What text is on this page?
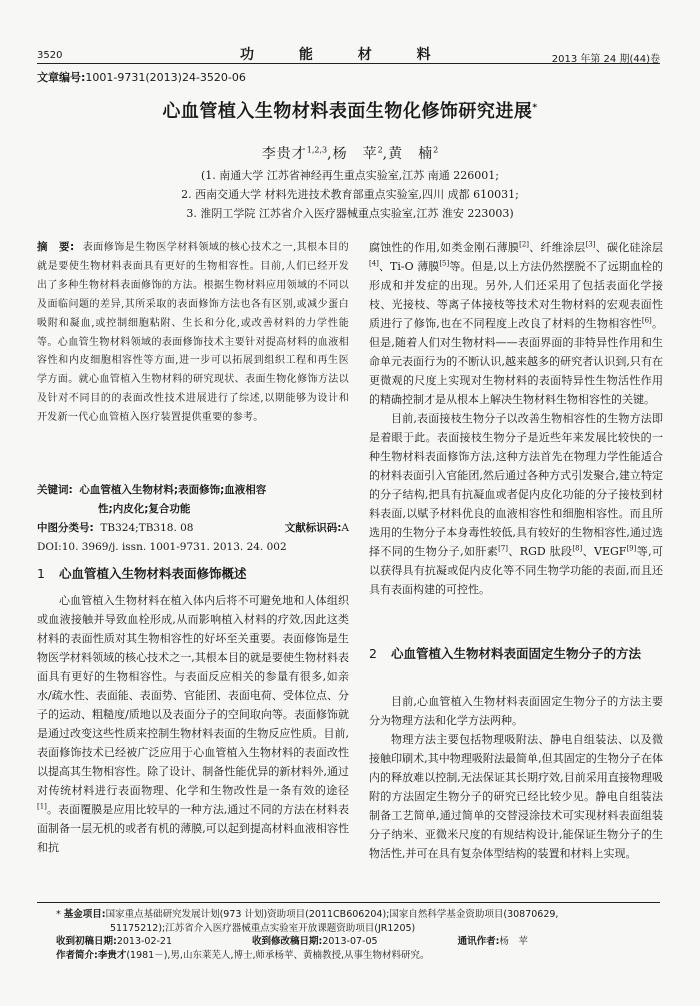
3520	功 能 材 料	2013 年第 24 期(44)卷
文章编号:1001-9731(2013)24-3520-06
心血管植入生物材料表面生物化修饰研究进展*
李贵才$^{1,2,3}$,杨　苹$^2$,黄　楠$^2$
(1. 南通大学 江苏省神经再生重点实验室,江苏 南通 226001;
2. 西南交通大学 材料先进技术教育部重点实验室,四川 成都 610031;
3. 淮阴工学院 江苏省介入医疗器械重点实验室,江苏 淮安 223003)
摘　要: 表面修饰是生物医学材料领域的核心技术之一,其根本目的就是要使生物材料表面具有更好的生物相容性。目前,人们已经开发出了多种生物材料表面修饰的方法。根据生物材料应用领域的不同以及面临问题的差异,其所采取的表面修饰方法也各有区别,或减少蛋白吸附和凝血,或控制细胞粘附、生长和分化,或改善材料的力学性能等。心血管生物材料领域的表面修饰技术主要针对提高材料的血液相容性和内皮细胞相容性等方面,进一步可以拓展到组织工程和再生医学方面。就心血管植入生物材料的研究现状、表面生物化修饰方法以及针对不同目的的表面改性技术进展进行了综述,以期能够为设计和开发新一代心血管植入医疗装置提供重要的参考。
关键词: 心血管植入生物材料;表面修饰;血液相容
性;内皮化;复合功能
中图分类号: TB324;TB318. 08	文献标识码:A
DOI:10. 3969/j. issn. 1001-9731. 2013. 24. 002
1 心血管植入生物材料表面修饰概述

心血管植入生物材料在植入体内后将不可避免地和人体组织或血液接触并导致血栓形成,从而影响植入材料的疗效,因此这类材料的表面性质对其生物相容性的好坏至关重要。表面修饰是生物医学材料领域的核心技术之一,其根本目的就是要使生物材料表面具有更好的生物相容性。与表面反应相关的参量有很多,如亲水/疏水性、表面能、表面势、官能团、表面电荷、受体位点、分子的运动、粗糙度/质地以及表面分子的空间取向等。表面修饰就是通过改变这些性质来控制生物材料表面的生物反应性质。目前,表面修饰技术已经被广泛应用于心血管植入生物材料的表面改性以提高其生物相容性。除了设计、制备性能优异的新材料外,通过对传统材料进行表面物理、化学和生物改性是一条有效的途径[1]。表面覆膜是应用比较早的一种方法,通过不同的方法在材料表面制备一层无机的或者有机的薄膜,可以起到提高材料血液相容性和抗

腐蚀性的作用,如类金刚石薄膜[2]、纤维涂层[3]、碳化硅涂层[4]、Ti-O 薄膜[5]等。但是,以上方法仍然摆脱不了远期血栓的形成和并发症的出现。另外,人们还采用了包括表面化学接枝、光接枝、等离子体接枝等技术对生物材料的宏观表面性质进行了修饰,也在不同程度上改良了材料的生物相容性[6]。但是,随着人们对生物材料——表面界面的非特异性作用和生命单元表面行为的不断认识,越来越多的研究者认识到,只有在更微观的尺度上实现对生物材料的表面特异性生物活性作用的精确控制才是从根本上解决生物材料生物相容性的关键。

目前,表面接枝生物分子以改善生物相容性的生物方法即是着眼于此。表面接枝生物分子是近些年来发展比较快的一种生物材料表面修饰方法,这种方法首先在物理力学性能适合的材料表面引入官能团,然后通过各种方式引发聚合,建立特定的分子结构,把具有抗凝血或者促内皮化功能的分子接枝到材料表面,以赋予材料优良的血液相容性和细胞相容性。而且所选用的生物分子本身毒性较低,具有较好的生物相容性,通过选择不同的生物分子,如肝素[7]、RGD 肽段[8]、VEGF[9]等,可以获得具有抗凝或促内皮化等不同生物学功能的表面,而且还具有表面构建的可控性。

2	心血管植入生物材料表面固定生物分子的方法

目前,心血管植入生物材料表面固定生物分子的方法主要分为物理方法和化学方法两种。

物理方法主要包括物理吸附法、静电自组装法、以及微接触印刷术,其中物理吸附法最简单,但其固定的生物分子在体内的释放难以控制,无法保证其长期疗效,目前采用直接物理吸附的方法固定生物分子的研究已经比较少见。静电自组装法制备工艺简单,通过简单的交替浸涂技术可实现材料表面组装分子纳米、亚微米尺度的有规结构设计,能保证生物分子的生物活性,并可在具有复杂体型结构的装置和材料上实现。

* 基金项目:国家重点基础研究发展计划(973 计划)资助项目(2011CB606204);国家自然科学基金资助项目(30870629,
51175212);江苏省介入医疗器械重点实验室开放课题资助项目(JR1205)
收到初稿日期:2013-02-21	收到修改稿日期:2013-07-05	通讯作者:杨　苹
作者简介:李贵才(1981－),男,山东莱芜人,博士,师承杨苹、黄楠教授,从事生物材料研究。
